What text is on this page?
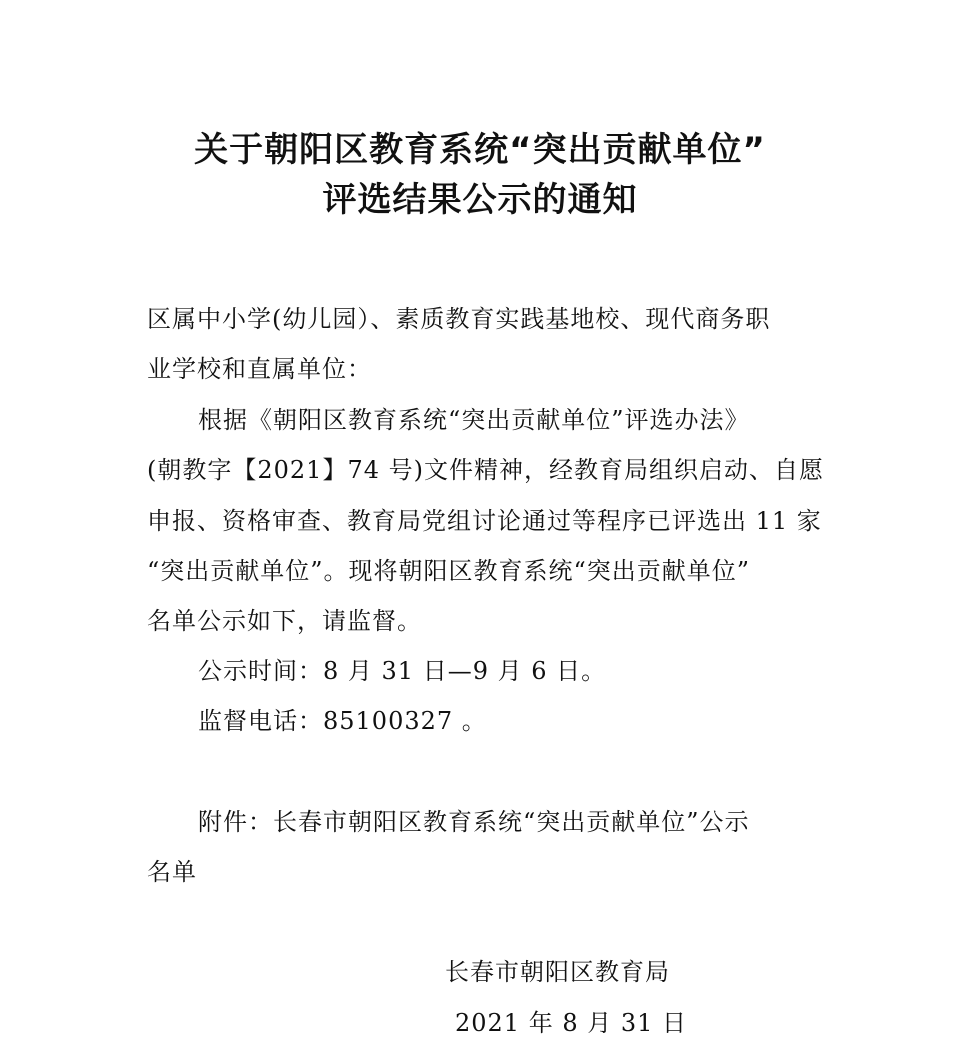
关于朝阳区教育系统“突出贡献单位”
评选结果公示的通知
区属中小学(幼儿园）、素质教育实践基地校、现代商务职
业学校和直属单位：
根据《朝阳区教育系统“突出贡献单位”评选办法》
(朝教字【2021】74 号)文件精神，经教育局组织启动、自愿
申报、资格审查、教育局党组讨论通过等程序已评选出 11 家
“突出贡献单位”。现将朝阳区教育系统“突出贡献单位”
名单公示如下，请监督。
公示时间：8 月 31 日—9 月 6 日。
监督电话：85100327 。
附件：长春市朝阳区教育系统“突出贡献单位”公示
名单
长春市朝阳区教育局
2021 年 8 月 31 日
